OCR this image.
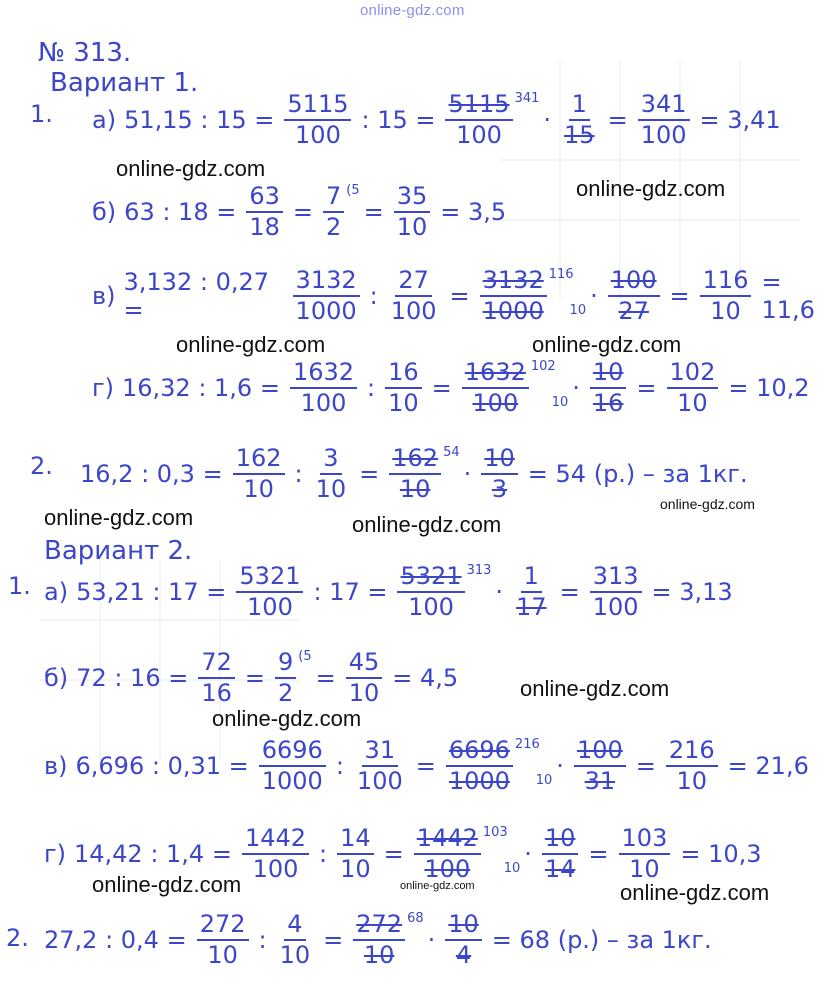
online-gdz.com
№ 313.
Вариант 1.
1. а) 51,15 : $15 = \frac{5115}{100}$ : $15 = \frac{5115}{100} 341$
· $\frac{1}{15} = \frac{341}{100} = 3,41$
online-gdz.com
online-gdz.com
б) 63 : $18 = \frac{63}{18} = \frac{7}{2} (5$
= $\frac{35}{10} = 3,5$
в) 3,132 : 0,27 =	$\frac{3132}{1000}$ : $\frac{27}{100} = \frac{3132}{1000} 116$
$10 \cdot \frac{100}{27} = \frac{116}{10} = 11,6$
online-gdz.com	online-gdz.com
г) 16,32 : $1,6 = \frac{1632}{100}$ : $\frac{16}{10} = \frac{1632}{100} 102$
$10 \cdot \frac{10}{16} = \frac{102}{10} = 10,2$
2. 16,2 : $0,3 = \frac{162}{10}$ : $\frac{3}{10} = \frac{162}{10} 54$
· $\frac{10}{3} = 54$ (р.) – за 1кг.
online-gdz.com
online-gdz.com	online-gdz.com
Вариант 2.
1. а) 53,21 : $17 = \frac{5321}{100}$ : $17 = \frac{5321}{100} 313$
· $\frac{1}{17} = \frac{313}{100} = 3,13$
б) 72 : $16 = \frac{72}{16} = \frac{9}{2} (5$
= $\frac{45}{10} = 4,5$	online-gdz.com
online-gdz.com
в) 6,696 : $0,31 = \frac{6696}{1000}$ : $\frac{31}{100} = \frac{6696}{1000} 216$
$10 \cdot \frac{100}{31} = \frac{216}{10} = 21,6$
г) 14,42 : $1,4 = \frac{1442}{100}$ : $\frac{14}{10} = \frac{1442}{100} 103$
$10 \cdot \frac{10}{14} = \frac{103}{10} = 10,3$
online-gdz.com	online-gdz.com	online-gdz.com
2. 27,2 : $0,4 = \frac{272}{10}$ : $\frac{4}{10} = \frac{272}{10} 68$
· $\frac{10}{4} = 68$ (р.) – за 1кг.
